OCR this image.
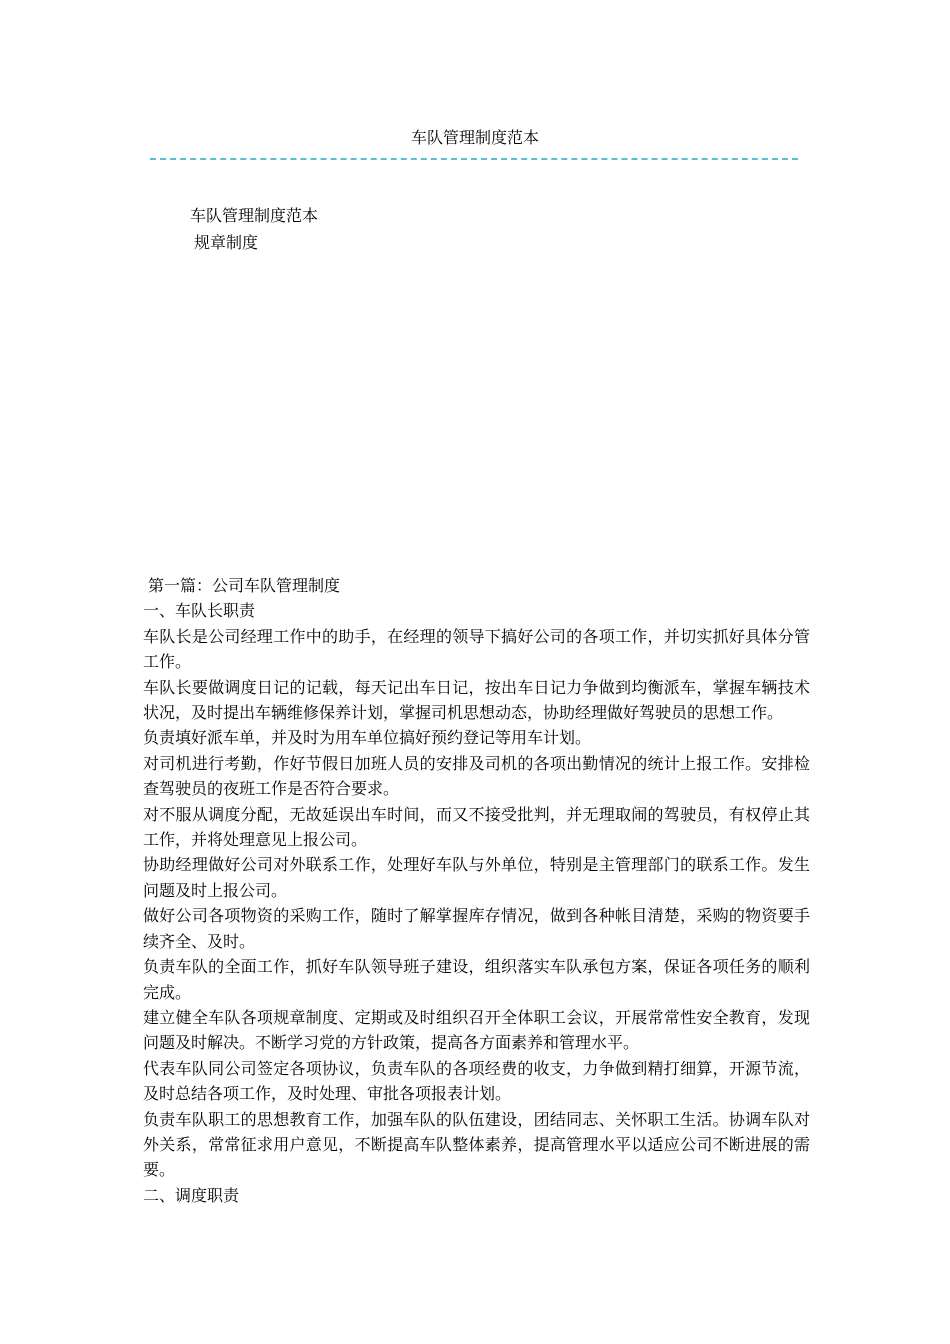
车队管理制度范本
车队管理制度范本
规章制度

第一篇：公司车队管理制度

一、车队长职责

车队长是公司经理工作中的助手，在经理的领导下搞好公司的各项工作，并切实抓好具体分管工作。

车队长要做调度日记的记载，每天记出车日记，按出车日记力争做到均衡派车，掌握车辆技术状况，及时提出车辆维修保养计划，掌握司机思想动态，协助经理做好驾驶员的思想工作。

负责填好派车单，并及时为用车单位搞好预约登记等用车计划。

对司机进行考勤，作好节假日加班人员的安排及司机的各项出勤情况的统计上报工作。安排检查驾驶员的夜班工作是否符合要求。

对不服从调度分配，无故延误出车时间，而又不接受批判，并无理取闹的驾驶员，有权停止其工作，并将处理意见上报公司。

协助经理做好公司对外联系工作，处理好车队与外单位，特别是主管理部门的联系工作。发生问题及时上报公司。

做好公司各项物资的采购工作，随时了解掌握库存情况，做到各种帐目清楚，采购的物资要手续齐全、及时。

负责车队的全面工作，抓好车队领导班子建设，组织落实车队承包方案，保证各项任务的顺利完成。

建立健全车队各项规章制度、定期或及时组织召开全体职工会议，开展常常性安全教育，发现问题及时解决。不断学习党的方针政策，提高各方面素养和管理水平。

代表车队同公司签定各项协议，负责车队的各项经费的收支，力争做到精打细算，开源节流，及时总结各项工作，及时处理、审批各项报表计划。

负责车队职工的思想教育工作，加强车队的队伍建设，团结同志、关怀职工生活。协调车队对外关系，常常征求用户意见，不断提高车队整体素养，提高管理水平以适应公司不断进展的需要。

二、调度职责
